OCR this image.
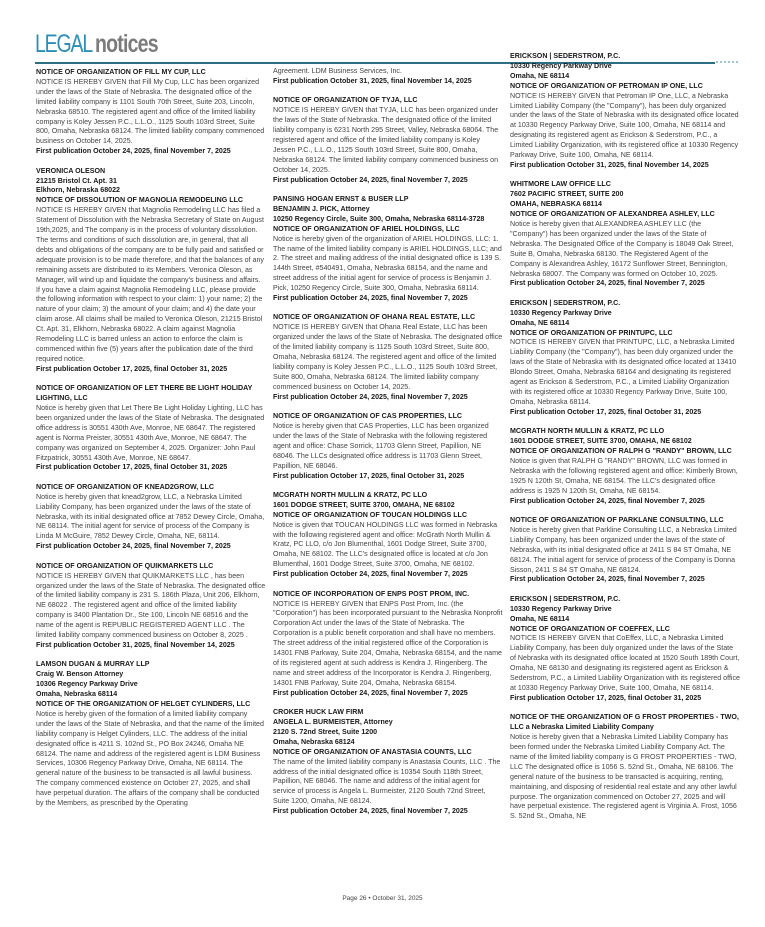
LEGAL notices
NOTICE OF ORGANIZATION OF FILL MY CUP, LLC
NOTICE IS HEREBY GIVEN that Fill My Cup, LLC has been organized under the laws of the State of Nebraska. The designated office of the limited liability company is 1101 South 70th Street, Suite 203, Lincoln, Nebraska 68510. The registered agent and office of the limited liability company is Koley Jessen P.C., L.L.O., 1125 South 103rd Street, Suite 800, Omaha, Nebraska 68124. The limited liability company commenced business on October 14, 2025.
First publication October 24, 2025, final November 7, 2025
VERONICA OLESON
21215 Bristol Ct. Apt. 31
Elkhorn, Nebraska 68022
NOTICE OF DISSOLUTION OF MAGNOLIA REMODELING LLC
NOTICE IS HEREBY GIVEN that Magnolia Remodeling LLC has filed a Statement of Dissolution with the Nebraska Secretary of State on August 19th,2025, and The company is in the process of voluntary dissolution. The terms and conditions of such dissolution are, in general, that all debts and obligations of the company are to be fully paid and satisfied or adequate provision is to be made therefore, and that the balances of any remaining assets are distributed to its Members. Veronica Oleson, as Manager, will wind up and liquidate the company's business and affairs. If you have a claim against Magnolia Remodeling LLC, please provide the following information with respect to your claim: 1) your name; 2) the nature of your claim; 3) the amount of your claim; and 4) the date your claim arose. All claims shall be mailed to Veronica Oleson, 21215 Bristol Ct. Apt. 31, Elkhorn, Nebraska 68022. A claim against Magnolia Remodeling LLC is barred unless an action to enforce the claim is commenced within five (5) years after the publication date of the third required notice.
First publication October 17, 2025, final October 31, 2025
NOTICE OF ORGANIZATION OF LET THERE BE LIGHT HOLIDAY LIGHTING, LLC
Notice is hereby given that Let There Be Light Holiday Lighting, LLC has been organized under the laws of the State of Nebraska. The designated office address is 30551 430th Ave, Monroe, NE 68647. The registered agent is Norma Preister, 30551 430th Ave, Monroe, NE 68647. The company was organized on September 4, 2025. Organizer: John Paul Fitzpatrick, 30551 430th Ave, Monroe, NE 68647.
First publication October 17, 2025, final October 31, 2025
NOTICE OF ORGANIZATION OF KNEAD2GROW, LLC
Notice is hereby given that knead2grow, LLC, a Nebraska Limited Liability Company, has been organized under the laws of the state of Nebraska, with its initial designated office at 7852 Dewey Circle, Omaha, NE 68114. The initial agent for service of process of the Company is Linda M McGuire, 7852 Dewey Circle, Omaha, NE, 68114.
First publication October 24, 2025, final November 7, 2025
NOTICE OF ORGANIZATION OF QUIKMARKETS LLC
NOTICE IS HEREBY GIVEN that QUIKMARKETS LLC , has been organized under the laws of the State of Nebraska. The designated office of the limited liability company is 231 S. 186th Plaza, Unit 206, Elkhorn, NE 68022 . The registered agent and office of the limited liability company is 3400 Plantation Dr., Ste 100, Lincoln NE 68516 and the name of the agent is REPUBLIC REGISTERED AGENT LLC . The limited liability company commenced business on October 8, 2025 .
First publication October 31, 2025, final November 14, 2025
LAMSON DUGAN & MURRAY LLP
Craig W. Benson Attorney
10306 Regency Parkway Drive
Omaha, Nebraska 68114
NOTICE OF THE ORGANIZATION OF HELGET CYLINDERS, LLC
Notice is hereby given of the formation of a limited liability company under the laws of the State of Nebraska, and that the name of the limited liability company is Helget Cylinders, LLC. The address of the initial designated office is 4211 S. 102nd St., PO Box 24246, Omaha NE 68124. The name and address of the registered agent is LDM Business Services, 10306 Regency Parkway Drive, Omaha, NE 68114. The general nature of the business to be transacted is all lawful business. The company commenced existence on October 27, 2025, and shall have perpetual duration. The affairs of the company shall be conducted by the Members, as prescribed by the Operating
Agreement. LDM Business Services, Inc.
First publication October 31, 2025, final November 14, 2025
NOTICE OF ORGANIZATION OF TYJA, LLC
NOTICE IS HEREBY GIVEN that TYJA, LLC has been organized under the laws of the State of Nebraska. The designated office of the limited liability company is 6231 North 295 Street, Valley, Nebraska 68064. The registered agent and office of the limited liability company is Koley Jessen P.C., L.L.O., 1125 South 103rd Street, Suite 800, Omaha, Nebraska 68124. The limited liability company commenced business on October 14, 2025.
First publication October 24, 2025, final November 7, 2025
PANSING HOGAN ERNST & BUSER LLP
BENJAMIN J. PICK, Attorney
10250 Regency Circle, Suite 300, Omaha, Nebraska 68114-3728
NOTICE OF ORGANIZATION OF ARIEL HOLDINGS, LLC
Notice is hereby given of the organization of ARIEL HOLDINGS, LLC: 1. The name of the limited liability company is ARIEL HOLDINGS, LLC; and 2. The street and mailing address of the initial designated office is 139 S. 144th Street, #540491, Omaha, Nebraska 68154, and the name and street address of the initial agent for service of process is Benjamin J. Pick, 10250 Regency Circle, Suite 300, Omaha, Nebraska 68114.
First publication October 24, 2025, final November 7, 2025
NOTICE OF ORGANIZATION OF OHANA REAL ESTATE, LLC
NOTICE IS HEREBY GIVEN that Ohana Real Estate, LLC has been organized under the laws of the State of Nebraska. The designated office of the limited liability company is 1125 South 103rd Street, Suite 800, Omaha, Nebraska 68124. The registered agent and office of the limited liability company is Koley Jessen P.C., L.L.O., 1125 South 103rd Street, Suite 800, Omaha, Nebraska 68124. The limited liability company commenced business on October 14, 2025.
First publication October 24, 2025, final November 7, 2025
NOTICE OF ORGANIZATION OF CAS PROPERTIES, LLC
Notice is hereby given that CAS Properties, LLC has been organized under the laws of the State of Nebraska with the following registered agent and office: Chase Sorrick, 11703 Glenn Street, Papillion, NE 68046. The LLCs designated office address is 11703 Glenn Street, Papillion, NE 68046.
First publication October 17, 2025, final October 31, 2025
MCGRATH NORTH MULLIN & KRATZ, PC LLO
1601 DODGE STREET, SUITE 3700, OMAHA, NE 68102
NOTICE OF ORGANIZATION OF TOUCAN HOLDINGS LLC
Notice is given that TOUCAN HOLDINGS LLC was formed in Nebraska with the following registered agent and office: McGrath North Mullin & Kratz, PC LLO, c/o Jon Blumenthal, 1601 Dodge Street, Suite 3700, Omaha, NE 68102. The LLC's designated office is located at c/o Jon Blumenthal, 1601 Dodge Street, Suite 3700, Omaha, NE 68102.
First publication October 24, 2025, final November 7, 2025
NOTICE OF INCORPORATION OF ENPS POST PROM, INC.
NOTICE IS HEREBY GIVEN that ENPS Post Prom, Inc. (the "Corporation") has been incorporated pursuant to the Nebraska Nonprofit Corporation Act under the laws of the State of Nebraska. The Corporation is a public benefit corporation and shall have no members. The street address of the initial registered office of the Corporation is 14301 FNB Parkway, Suite 204, Omaha, Nebraska 68154, and the name of its registered agent at such address is Kendra J. Ringenberg. The name and street address of the Incorporator is Kendra J. Ringenberg, 14301 FNB Parkway, Suite 204, Omaha, Nebraska 68154.
First publication October 24, 2025, final November 7, 2025
CROKER HUCK LAW FIRM
ANGELA L. BURMEISTER, Attorney
2120 S. 72nd Street, Suite 1200
Omaha, Nebraska 68124
NOTICE OF ORGANIZATION OF ANASTASIA COUNTS, LLC
The name of the limited liability company is Anastasia Counts, LLC . The address of the initial designated office is 10354 South 118th Street, Papillion, NE 68046. The name and address of the initial agent for service of process is Angela L. Burmeister, 2120 South 72nd Street, Suite 1200, Omaha, NE 68124.
First publication October 24, 2025, final November 7, 2025
ERICKSON | SEDERSTROM, P.C.
10330 Regency Parkway Drive
Omaha, NE 68114
NOTICE OF ORGANIZATION OF PETROMAN IP ONE, LLC
NOTICE IS HEREBY GIVEN that Petroman IP One, LLC, a Nebraska Limited Liability Company (the "Company"), has been duly organized under the laws of the State of Nebraska with its designated office located at 10330 Regency Parkway Drive, Suite 100, Omaha, NE 68114 and designating its registered agent as Erickson & Sederstrom, P.C., a Limited Liability Organization, with its registered office at 10330 Regency Parkway Drive, Suite 100, Omaha, NE 68114.
First publication October 31, 2025, final November 14, 2025
WHITMORE LAW OFFICE LLC
7602 PACIFIC STREET, SUITE 200
OMAHA, NEBRASKA 68114
NOTICE OF ORGANIZATION OF ALEXANDREA ASHLEY, LLC
Notice is hereby given that ALEXANDREA ASHLEY LLC (the "Company") has been organized under the laws of the State of Nebraska. The Designated Office of the Company is 18049 Oak Street, Suite B, Omaha, Nebraska 68130. The Registered Agent of the Company is Alexandrea Ashley, 16172 Sunflower Street, Bennington, Nebraska 68007. The Company was formed on October 10, 2025.
First publication October 24, 2025, final November 7, 2025
ERICKSON | SEDERSTROM, P.C.
10330 Regency Parkway Drive
Omaha, NE 68114
NOTICE OF ORGANIZATION OF PRINTUPC, LLC
NOTICE IS HEREBY GIVEN that PRINTUPC, LLC, a Nebraska Limited Liability Company (the "Company"), has been duly organized under the laws of the State of Nebraska with its designated office located at 13410 Blondo Street, Omaha, Nebraska 68164 and designating its registered agent as Erickson & Sederstrom, P.C., a Limited Liability Organization with its registered office at 10330 Regency Parkway Drive, Suite 100, Omaha, Nebraska 68114.
First publication October 17, 2025, final October 31, 2025
MCGRATH NORTH MULLIN & KRATZ, PC LLO
1601 DODGE STREET, SUITE 3700, OMAHA, NE 68102
NOTICE OF ORGANIZATION OF RALPH G "RANDY" BROWN, LLC
Notice is given that RALPH G "RANDY" BROWN, LLC was formed in Nebraska with the following registered agent and office: Kimberly Brown, 1925 N 120th St, Omaha, NE 68154. The LLC's designated office address is 1925 N 120th St, Omaha, NE 68154.
First publication October 24, 2025, final November 7, 2025
NOTICE OF ORGANIZATION OF PARKLANE CONSULTING, LLC
Notice is hereby given that Parkline Consulting LLC, a Nebraska Limited Liability Company, has been organized under the laws of the state of Nebraska, with its initial designated office at 2411 S 84 ST Omaha, NE 68124. The initial agent for service of process of the Company is Donna Sisson, 2411 S 84 ST Omaha, NE 68124.
First publication October 24, 2025, final November 7, 2025
ERICKSON | SEDERSTROM, P.C.
10330 Regency Parkway Drive
Omaha, NE 68114
NOTICE OF ORGANIZATION OF COEFFEX, LLC
NOTICE IS HEREBY GIVEN that CoEffex, LLC, a Nebraska Limited Liability Company, has been duly organized under the laws of the State of Nebraska with its designated office located at 1520 South 189th Court, Omaha, NE 68130 and designating its registered agent as Erickson & Sederstrom, P.C., a Limited Liability Organization with its registered office at 10330 Regency Parkway Drive, Suite 100, Omaha, NE 68114.
First publication October 17, 2025, final October 31, 2025
NOTICE OF THE ORGANIZATION OF G FROST PROPERTIES - TWO, LLC a Nebraska Limited Liability Company
Notice is hereby given that a Nebraska Limited Liability Company has been formed under the Nebraska Limited Liability Company Act. The name of the limited liability company is G FROST PROPERTIES - TWO, LLC The designated office is 1056 S. 52nd St., Omaha, NE 68106. The general nature of the business to be transacted is acquiring, renting, maintaining, and disposing of residential real estate and any other lawful purpose. The organization commenced on October 27, 2025 and will have perpetual existence. The registered agent is Virginia A. Frost, 1056 S. 52nd St., Omaha, NE
Page 26 • October 31, 2025
